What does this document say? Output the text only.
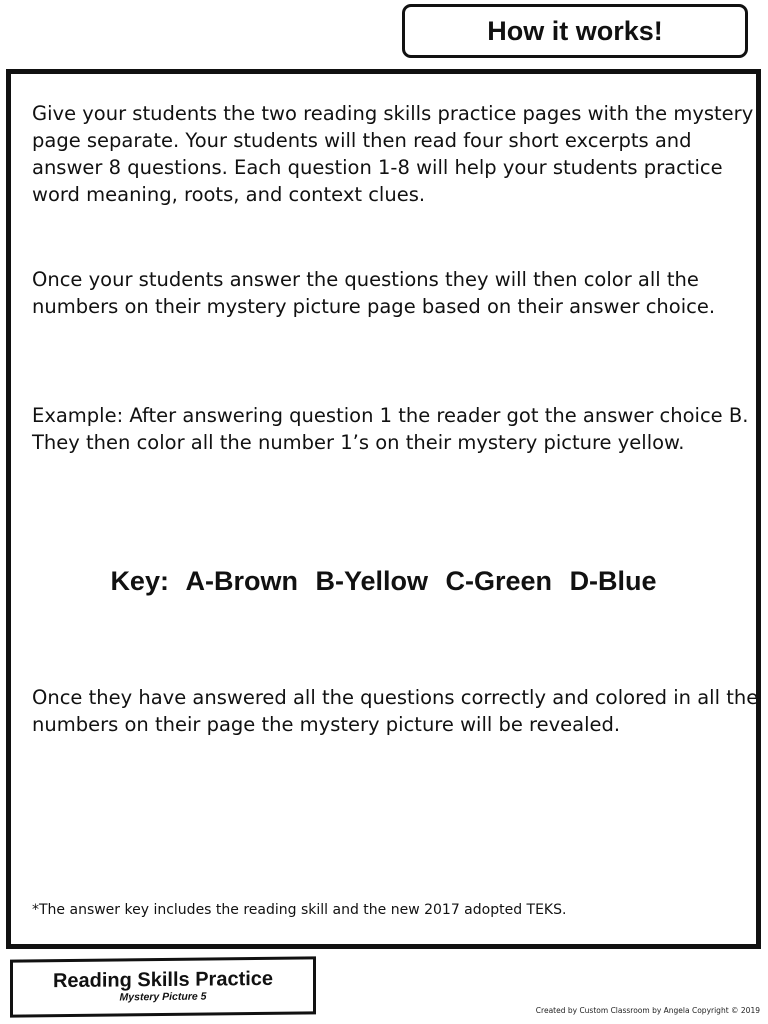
How it works!

Give your students the two reading skills practice pages with the mystery page separate. Your students will then read four short excerpts and answer 8 questions. Each question 1-8 will help your students practice word meaning, roots, and context clues.

Once your students answer the questions they will then color all the numbers on their mystery picture page based on their answer choice.

Example: After answering question 1 the reader got the answer choice B. They then color all the number 1’s on their mystery picture yellow.

Key: A-Brown B-Yellow C-Green D-Blue

Once they have answered all the questions correctly and colored in all the numbers on their page the mystery picture will be revealed.

*The answer key includes the reading skill and the new 2017 adopted TEKS.

Reading Skills Practice
Mystery Picture 5
Created by Custom Classroom by Angela Copyright © 2019
